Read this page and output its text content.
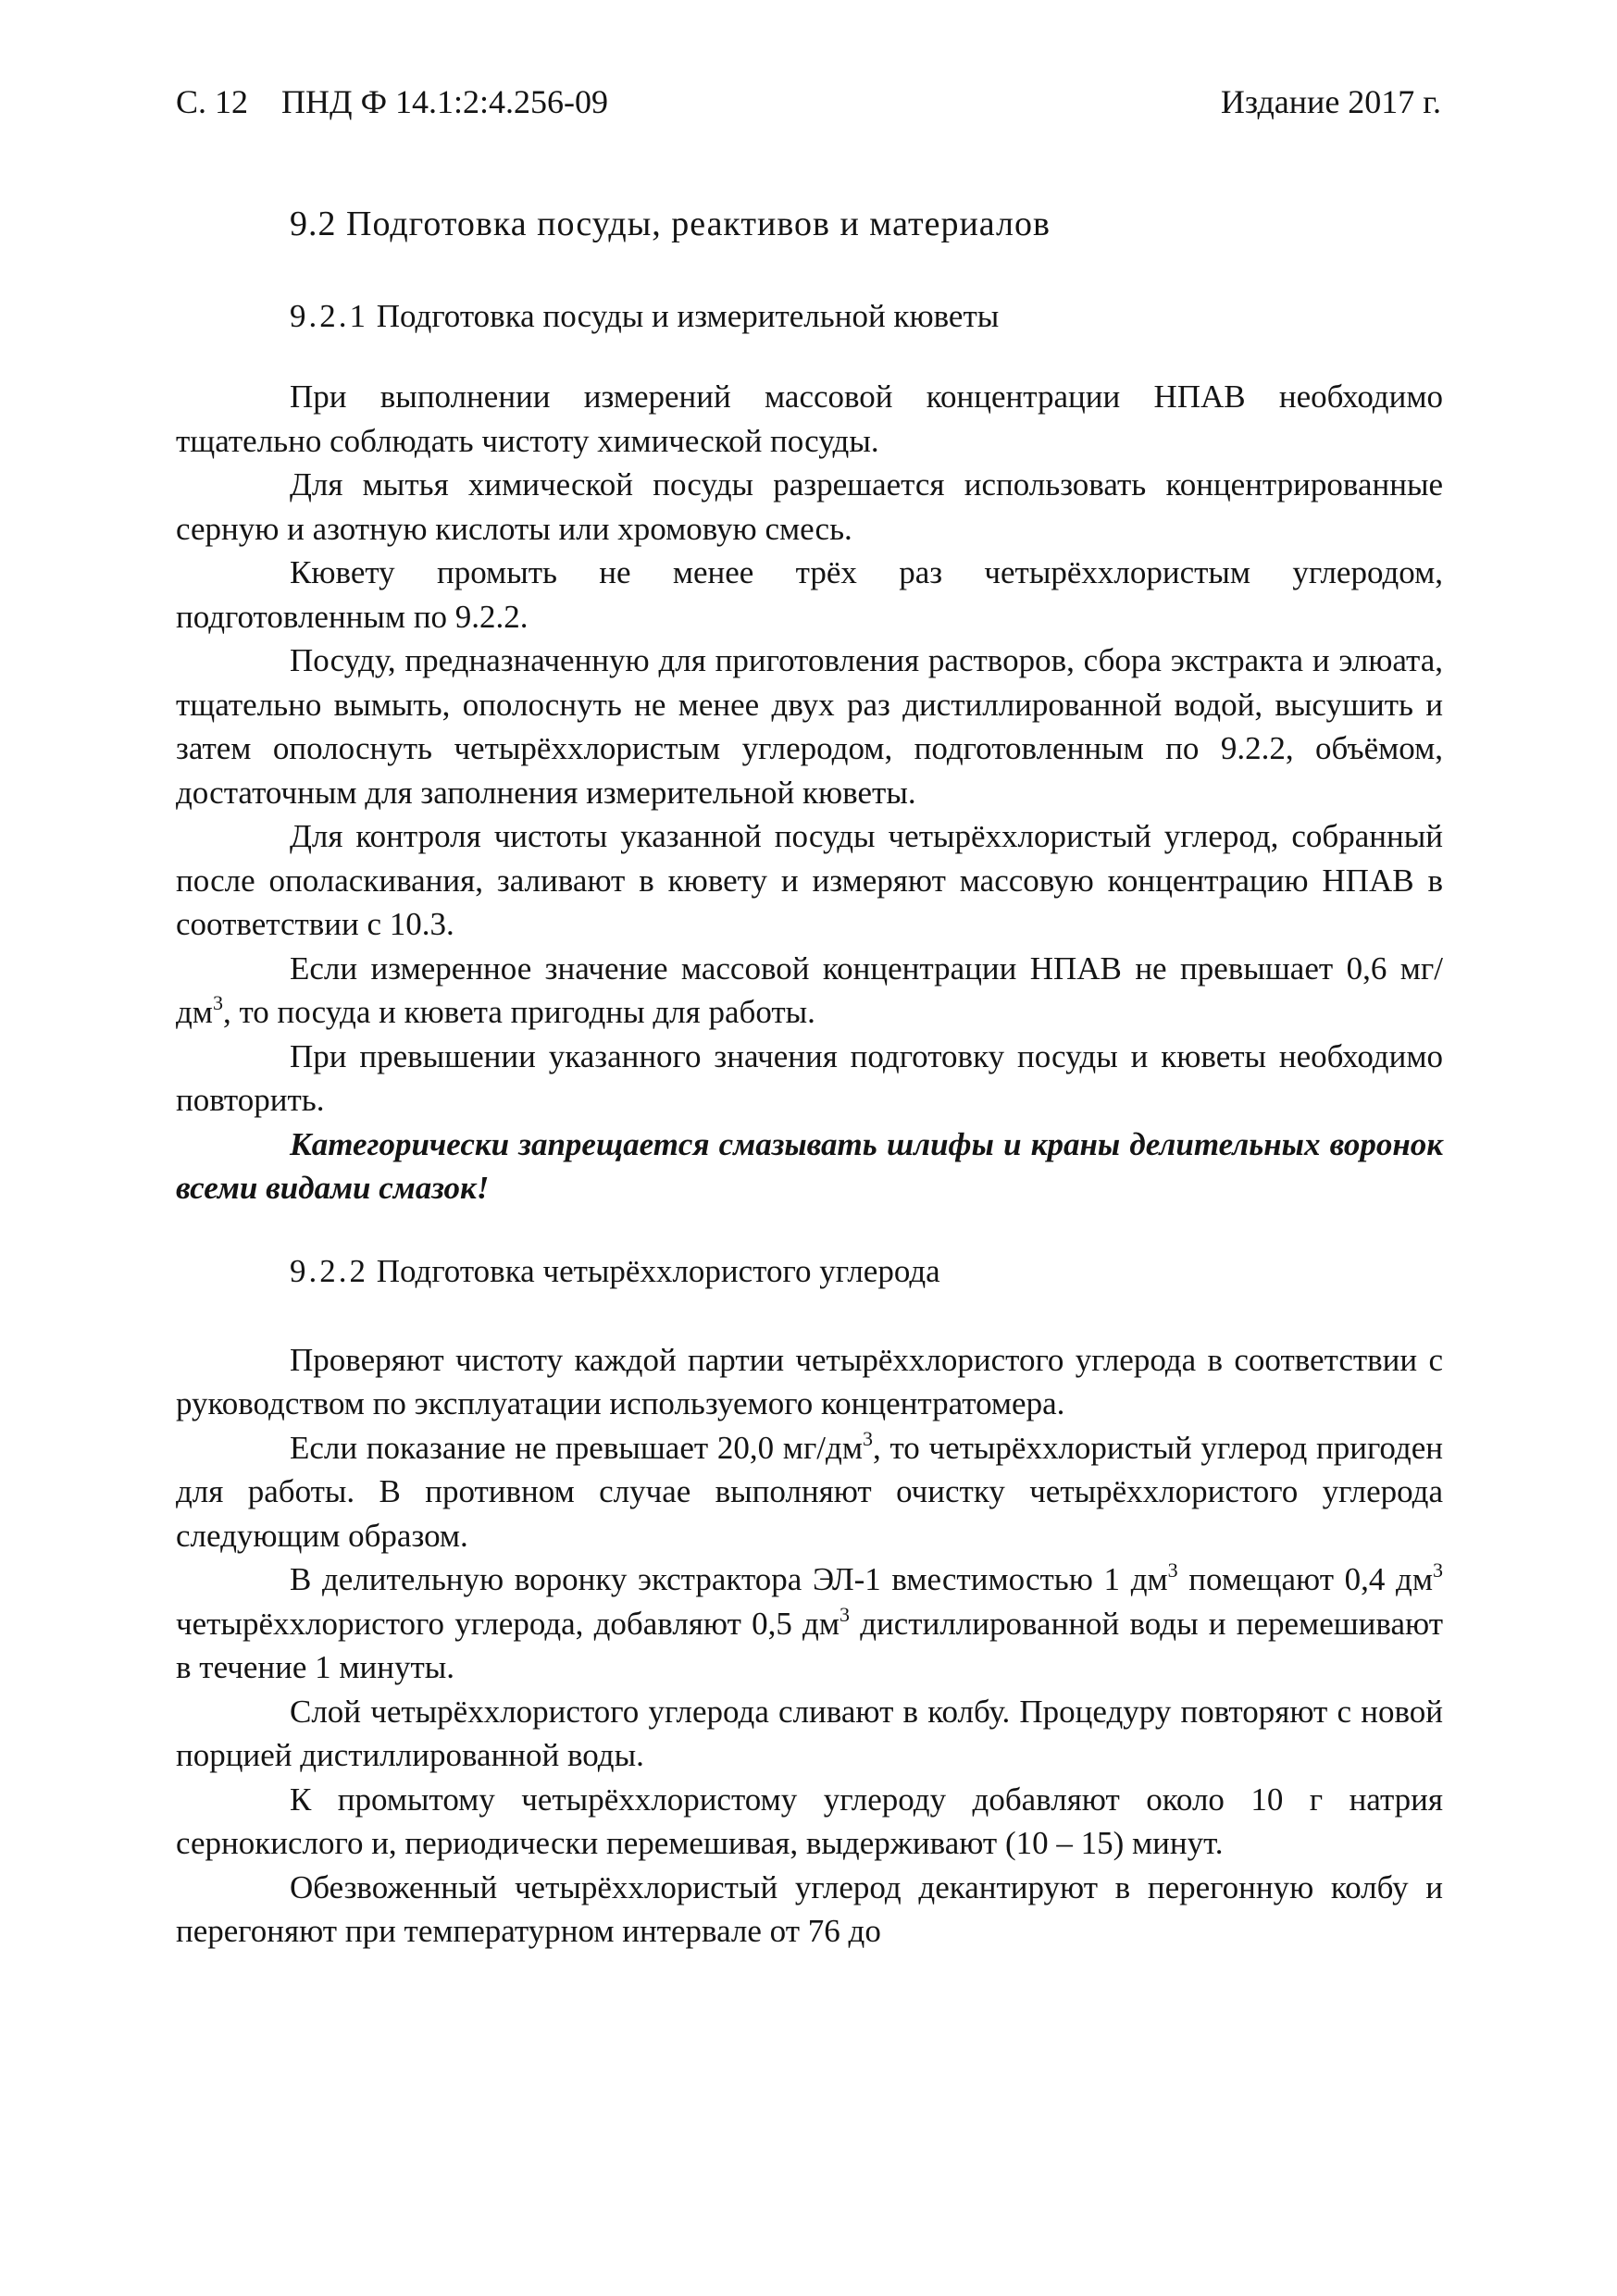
С. 12 ПНД Ф 14.1:2:4.256-09	Издание 2017 г.
9.2 Подготовка посуды, реактивов и материалов
9.2.1 Подготовка посуды и измерительной кюветы

При выполнении измерений массовой концентрации НПАВ необходимо тщательно соблюдать чистоту химической посуды.

Для мытья химической посуды разрешается использовать концентрированные серную и азотную кислоты или хромовую смесь.

Кювету промыть не менее трёх раз четырёххлористым углеродом, подготовленным по 9.2.2.

Посуду, предназначенную для приготовления растворов, сбора экстракта и элюата, тщательно вымыть, ополоснуть не менее двух раз дистиллированной водой, высушить и затем ополоснуть четырёххлористым углеродом, подготовленным по 9.2.2, объёмом, достаточным для заполнения измерительной кюветы.

Для контроля чистоты указанной посуды четырёххлористый углерод, собранный после ополаскивания, заливают в кювету и измеряют массовую концентрацию НПАВ в соответствии с 10.3.

Если измеренное значение массовой концентрации НПАВ не превышает 0,6 $мг/дм^3$, то посуда и кювета пригодны для работы.

При превышении указанного значения подготовку посуды и кюветы необходимо повторить.

Категорически запрещается смазывать шлифы и краны делительных воронок всеми видами смазок!

9.2.2 Подготовка четырёххлористого углерода

Проверяют чистоту каждой партии четырёххлористого углерода в соответствии с руководством по эксплуатации используемого концентратомера.

Если показание не превышает 20,0 $мг/дм^3$, то четырёххлористый углерод пригоден для работы. В противном случае выполняют очистку четырёххлористого углерода следующим образом.

В делительную воронку экстрактора ЭЛ-1 вместимостью 1 $дм^3$ помещают 0,4 $дм^3$ четырёххлористого углерода, добавляют 0,5 $дм^3$ дистиллированной воды и перемешивают в течение 1 минуты.

Слой четырёххлористого углерода сливают в колбу. Процедуру повторяют с новой порцией дистиллированной воды.

К промытому четырёххлористому углероду добавляют около 10 г натрия сернокислого и, периодически перемешивая, выдерживают (10 – 15) минут.

Обезвоженный четырёххлористый углерод декантируют в перегонную колбу и перегоняют при температурном интервале от 76 до
